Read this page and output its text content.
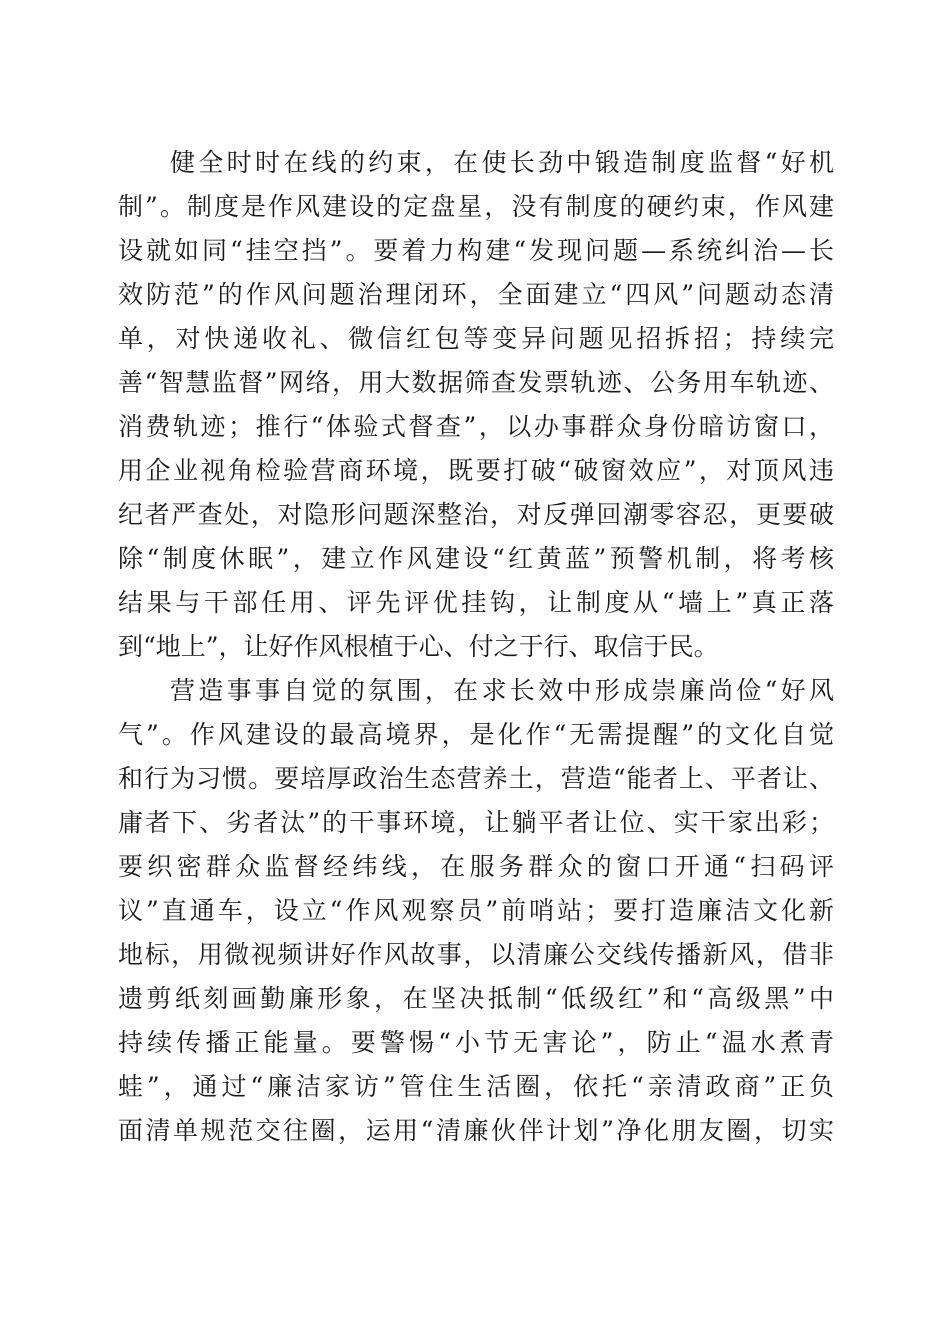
健全时时在线的约束，在使长劲中锻造制度监督“好机
制”。制度是作风建设的定盘星，没有制度的硬约束，作风建
设就如同“挂空挡”。要着力构建“发现问题—系统纠治—长
效防范”的作风问题治理闭环，全面建立“四风”问题动态清
单，对快递收礼、微信红包等变异问题见招拆招；持续完
善“智慧监督”网络，用大数据筛查发票轨迹、公务用车轨迹、
消费轨迹；推行“体验式督查”，以办事群众身份暗访窗口，
用企业视角检验营商环境，既要打破“破窗效应”，对顶风违
纪者严查处，对隐形问题深整治，对反弹回潮零容忍，更要破
除“制度休眠”，建立作风建设“红黄蓝”预警机制，将考核
结果与干部任用、评先评优挂钩，让制度从“墙上”真正落
到“地上”，让好作风根植于心、付之于行、取信于民。
营造事事自觉的氛围，在求长效中形成崇廉尚俭“好风
气”。作风建设的最高境界，是化作“无需提醒”的文化自觉
和行为习惯。要培厚政治生态营养土，营造“能者上、平者让、
庸者下、劣者汰”的干事环境，让躺平者让位、实干家出彩；
要织密群众监督经纬线，在服务群众的窗口开通“扫码评
议”直通车，设立“作风观察员”前哨站；要打造廉洁文化新
地标，用微视频讲好作风故事，以清廉公交线传播新风，借非
遗剪纸刻画勤廉形象，在坚决抵制“低级红”和“高级黑”中
持续传播正能量。要警惕“小节无害论”，防止“温水煮青
蛙”，通过“廉洁家访”管住生活圈，依托“亲清政商”正负
面清单规范交往圈，运用“清廉伙伴计划”净化朋友圈，切实
